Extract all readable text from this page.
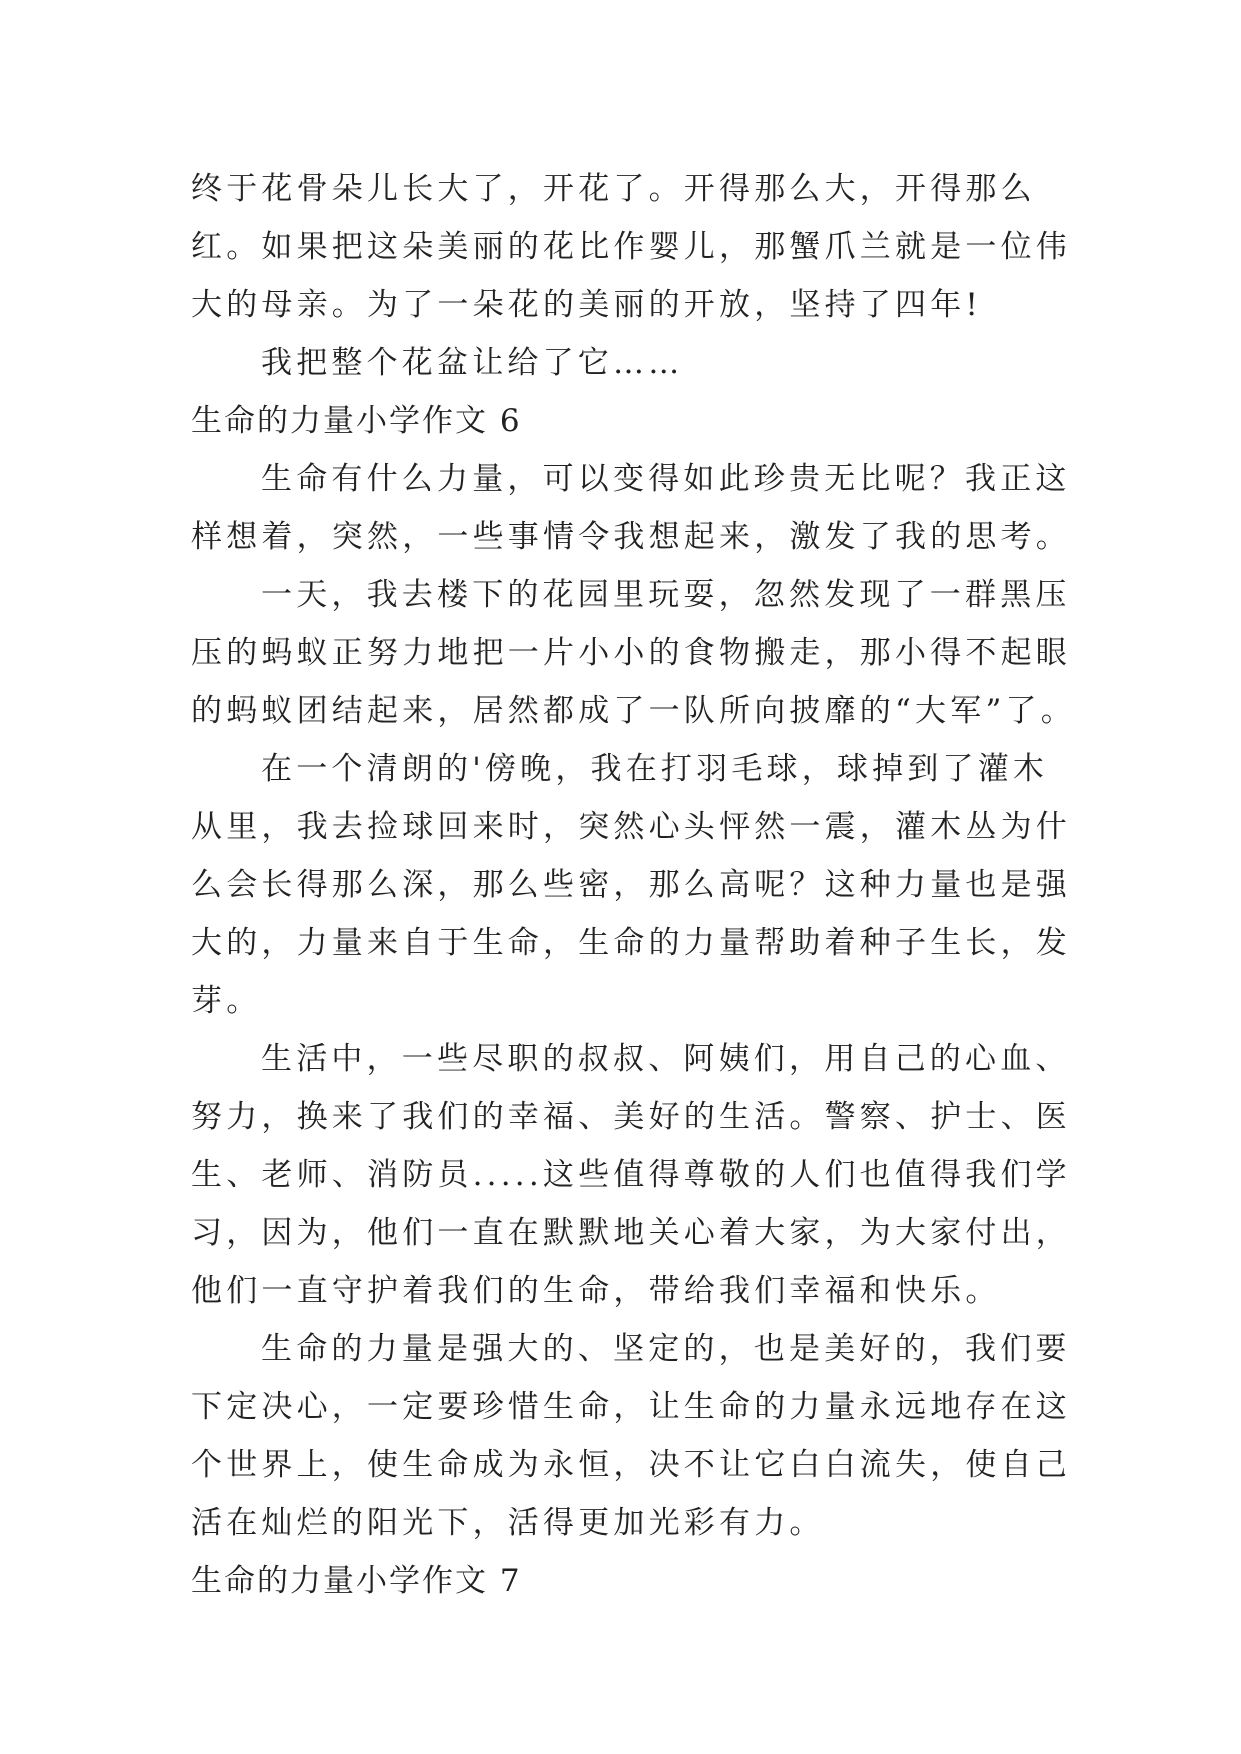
终于花骨朵儿长大了，开花了。开得那么大，开得那么红。如果把这朵美丽的花比作婴儿，那蟹爪兰就是一位伟大的母亲。为了一朵花的美丽的开放，坚持了四年!

我把整个花盆让给了它……

生命的力量小学作文 6

生命有什么力量，可以变得如此珍贵无比呢？我正这样想着，突然，一些事情令我想起来，激发了我的思考。

一天，我去楼下的花园里玩耍，忽然发现了一群黑压压的蚂蚁正努力地把一片小小的食物搬走，那小得不起眼的蚂蚁团结起来，居然都成了一队所向披靡的“大军”了。

在一个清朗的'傍晚，我在打羽毛球，球掉到了灌木从里，我去捡球回来时，突然心头怦然一震，灌木丛为什么会长得那么深，那么些密，那么高呢？这种力量也是强大的，力量来自于生命，生命的力量帮助着种子生长，发芽。

生活中，一些尽职的叔叔、阿姨们，用自己的心血、努力，换来了我们的幸福、美好的生活。警察、护士、医生、老师、消防员.....这些值得尊敬的人们也值得我们学习，因为，他们一直在默默地关心着大家，为大家付出，他们一直守护着我们的生命，带给我们幸福和快乐。

生命的力量是强大的、坚定的，也是美好的，我们要下定决心，一定要珍惜生命，让生命的力量永远地存在这个世界上，使生命成为永恒，决不让它白白流失，使自己活在灿烂的阳光下，活得更加光彩有力。

生命的力量小学作文 7
